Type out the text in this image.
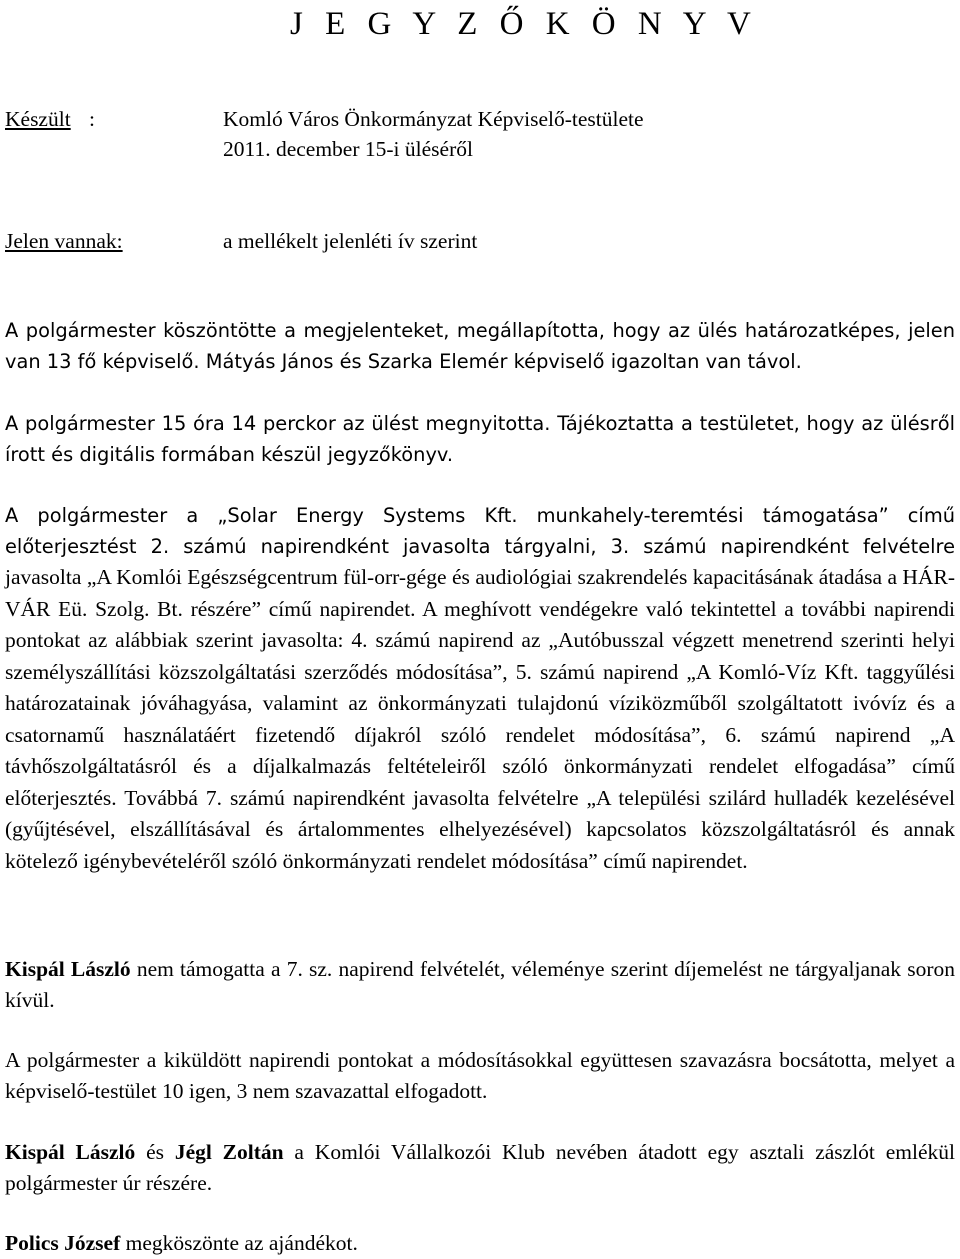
J E G Y Z Ő K Ö N Y V
Készült :	Komló Város Önkormányzat Képviselő-testülete
2011. december 15-i üléséről
Jelen vannak:	a mellékelt jelenléti ív szerint
A polgármester köszöntötte a megjelenteket, megállapította, hogy az ülés határozatképes, jelen van 13 fő képviselő. Mátyás János és Szarka Elemér képviselő igazoltan van távol.
A polgármester 15 óra 14 perckor az ülést megnyitotta. Tájékoztatta a testületet, hogy az ülésről írott és digitális formában készül jegyzőkönyv.
A polgármester a „Solar Energy Systems Kft. munkahely-teremtési támogatása” című előterjesztést 2. számú napirendként javasolta tárgyalni, 3. számú napirendként felvételre javasolta „A Komlói Egészségcentrum fül-orr-gége és audiológiai szakrendelés kapacitásának átadása a HÁR-VÁR Eü. Szolg. Bt. részére” című napirendet. A meghívott vendégekre való tekintettel a további napirendi pontokat az alábbiak szerint javasolta: 4. számú napirend az „Autóbusszal végzett menetrend szerinti helyi személyszállítási közszolgáltatási szerződés módosítása”, 5. számú napirend „A Komló-Víz Kft. taggyűlési határozatainak jóváhagyása, valamint az önkormányzati tulajdonú víziközműből szolgáltatott ivóvíz és a csatornamű használatáért fizetendő díjakról szóló rendelet módosítása”, 6. számú napirend „A távhőszolgáltatásról és a díjalkalmazás feltételeiről szóló önkormányzati rendelet elfogadása” című előterjesztés. Továbbá 7. számú napirendként javasolta felvételre „A települési szilárd hulladék kezelésével (gyűjtésével, elszállításával és ártalommentes elhelyezésével) kapcsolatos közszolgáltatásról és annak kötelező igénybevételéről szóló önkormányzati rendelet módosítása” című napirendet.
Kispál László nem támogatta a 7. sz. napirend felvételét, véleménye szerint díjemelést ne tárgyaljanak soron kívül.
A polgármester a kiküldött napirendi pontokat a módosításokkal együttesen szavazásra bocsátotta, melyet a képviselő-testület 10 igen, 3 nem szavazattal elfogadott.
Kispál László és Jégl Zoltán a Komlói Vállalkozói Klub nevében átadott egy asztali zászlót emlékül polgármester úr részére.
Polics József megköszönte az ajándékot.
